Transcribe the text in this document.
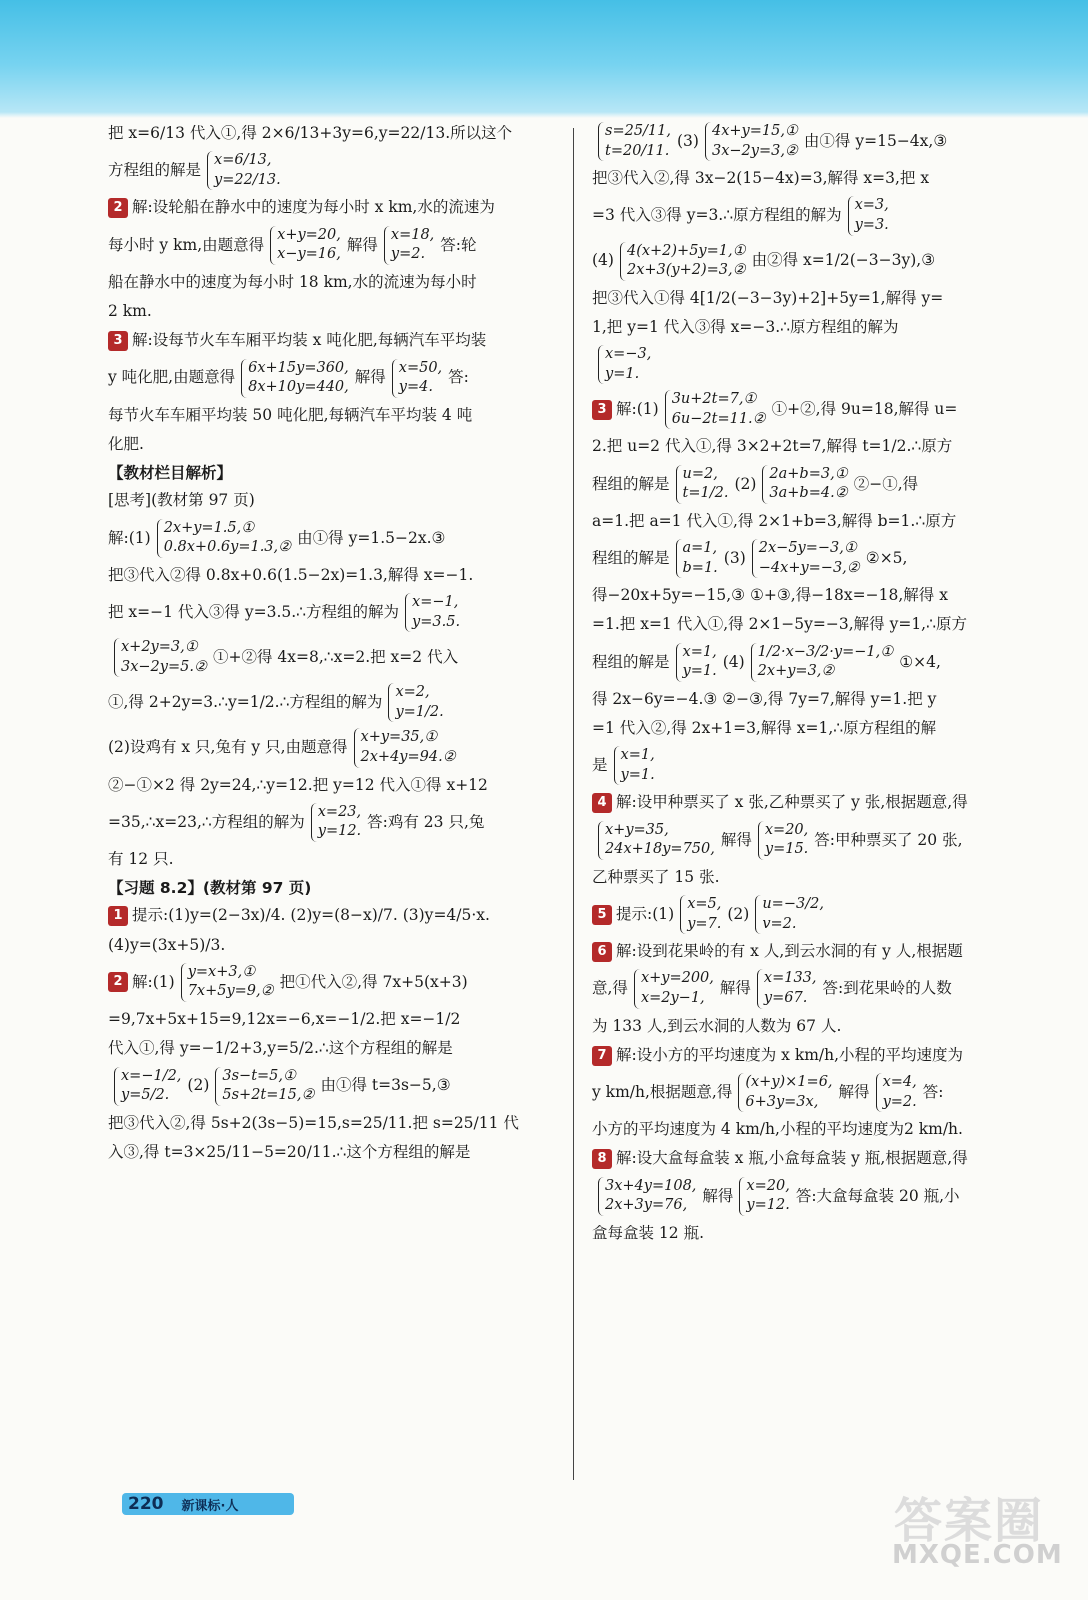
把 x=6/13 代入①,得 2×6/13+3y=6,y=22/13.所以这个
方程组的解是
x=6/13,
y=22/13.
2 解:设轮船在静水中的速度为每小时 x km,水的流速为
每小时 y km,由题意得
x+y=20,
x−y=16,
解得
x=18,
y=2.
答:轮
船在静水中的速度为每小时 18 km,水的流速为每小时
2 km.
3 解:设每节火车车厢平均装 x 吨化肥,每辆汽车平均装
y 吨化肥,由题意得
6x+15y=360,
8x+10y=440,
解得
x=50,
y=4.
答:
每节火车车厢平均装 50 吨化肥,每辆汽车平均装 4 吨
化肥.
【教材栏目解析】
[思考](教材第 97 页)
解:(1)
2x+y=1.5,①
0.8x+0.6y=1.3,②
由①得 y=1.5−2x.③
把③代入②得 0.8x+0.6(1.5−2x)=1.3,解得 x=−1.
把 x=−1 代入③得 y=3.5.∴方程组的解为
x=−1,
y=3.5.
x+2y=3,①
3x−2y=5.②
①+②得 4x=8,∴x=2.把 x=2 代入
①,得 2+2y=3.∴y=1/2.∴方程组的解为
x=2,
y=1/2.
(2)设鸡有 x 只,兔有 y 只,由题意得
x+y=35,①
2x+4y=94.②
②−①×2 得 2y=24,∴y=12.把 y=12 代入①得 x+12
=35,∴x=23,∴方程组的解为
x=23,
y=12.
答:鸡有 23 只,兔
有 12 只.
【习题 8.2】(教材第 97 页)
1 提示:(1)y=(2−3x)/4. (2)y=(8−x)/7. (3)y=4/5·x.
(4)y=(3x+5)/3.
2 解:(1)
y=x+3,①
7x+5y=9,②
把①代入②,得 7x+5(x+3)
=9,7x+5x+15=9,12x=−6,x=−1/2.把 x=−1/2
代入①,得 y=−1/2+3,y=5/2.∴这个方程组的解是
x=−1/2,
y=5/2.
(2)
3s−t=5,①
5s+2t=15,②
由①得 t=3s−5,③
把③代入②,得 5s+2(3s−5)=15,s=25/11.把 s=25/11 代
入③,得 t=3×25/11−5=20/11.∴这个方程组的解是
s=25/11,
t=20/11.
(3)
4x+y=15,①
3x−2y=3,②
由①得 y=15−4x,③
把③代入②,得 3x−2(15−4x)=3,解得 x=3,把 x
=3 代入③得 y=3.∴原方程组的解为
x=3,
y=3.
(4)
4(x+2)+5y=1,①
2x+3(y+2)=3,②
由②得 x=1/2(−3−3y),③
把③代入①得 4[1/2(−3−3y)+2]+5y=1,解得 y=
1,把 y=1 代入③得 x=−3.∴原方程组的解为
x=−3,
y=1.
3 解:(1)
3u+2t=7,①
6u−2t=11.②
①+②,得 9u=18,解得 u=
2.把 u=2 代入①,得 3×2+2t=7,解得 t=1/2.∴原方
程组的解是
u=2,
t=1/2.
(2)
2a+b=3,①
3a+b=4.②
②−①,得
a=1.把 a=1 代入①,得 2×1+b=3,解得 b=1.∴原方
程组的解是
a=1,
b=1.
(3)
2x−5y=−3,①
−4x+y=−3,②
②×5,
得−20x+5y=−15,③ ①+③,得−18x=−18,解得 x
=1.把 x=1 代入①,得 2×1−5y=−3,解得 y=1,∴原方
程组的解是
x=1,
y=1.
(4)
1/2·x−3/2·y=−1,①
2x+y=3,②
①×4,
得 2x−6y=−4.③ ②−③,得 7y=7,解得 y=1.把 y
=1 代入②,得 2x+1=3,解得 x=1,∴原方程组的解
是
x=1,
y=1.
4 解:设甲种票买了 x 张,乙种票买了 y 张,根据题意,得
x+y=35,
24x+18y=750,
解得
x=20,
y=15.
答:甲种票买了 20 张,
乙种票买了 15 张.
5 提示:(1)
x=5,
y=7.
(2)
u=−3/2,
v=2.
6 解:设到花果岭的有 x 人,到云水洞的有 y 人,根据题
意,得
x+y=200,
x=2y−1,
解得
x=133,
y=67.
答:到花果岭的人数
为 133 人,到云水洞的人数为 67 人.
7 解:设小方的平均速度为 x km/h,小程的平均速度为
y km/h,根据题意,得
(x+y)×1=6,
6+3y=3x,
解得
x=4,
y=2.
答:
小方的平均速度为 4 km/h,小程的平均速度为2 km/h.
8 解:设大盒每盒装 x 瓶,小盒每盒装 y 瓶,根据题意,得
3x+4y=108,
2x+3y=76,
解得
x=20,
y=12.
答:大盒每盒装 20 瓶,小
盒每盒装 12 瓶.
220 新课标·人	答案圈
MXQE.COM
